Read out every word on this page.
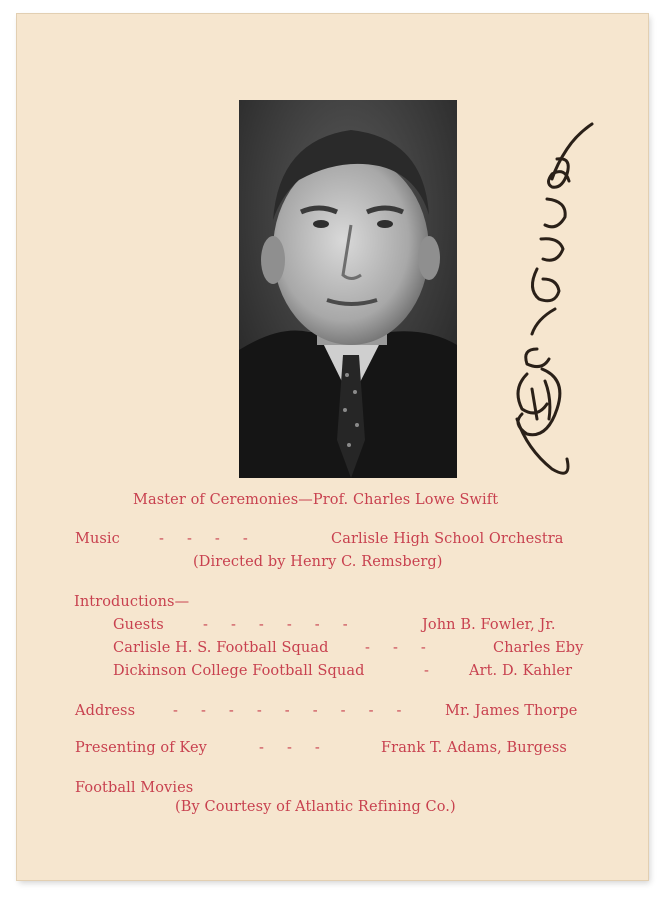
Master of Ceremonies—Prof. Charles Lowe Swift
Music	-     -     -     -	Carlisle High School Orchestra
(Directed by Henry C. Remsberg)
Introductions—
Guests	-     -     -     -     -     -	John B. Fowler, Jr.
Carlisle H. S. Football Squad	-     -     -	Charles Eby
Dickinson College Football Squad	-	Art. D. Kahler
Address	-     -     -     -     -     -     -     -     -	Mr. James Thorpe
Presenting of Key	-     -     -	Frank T. Adams, Burgess
Football Movies
(By Courtesy of Atlantic Refining Co.)
